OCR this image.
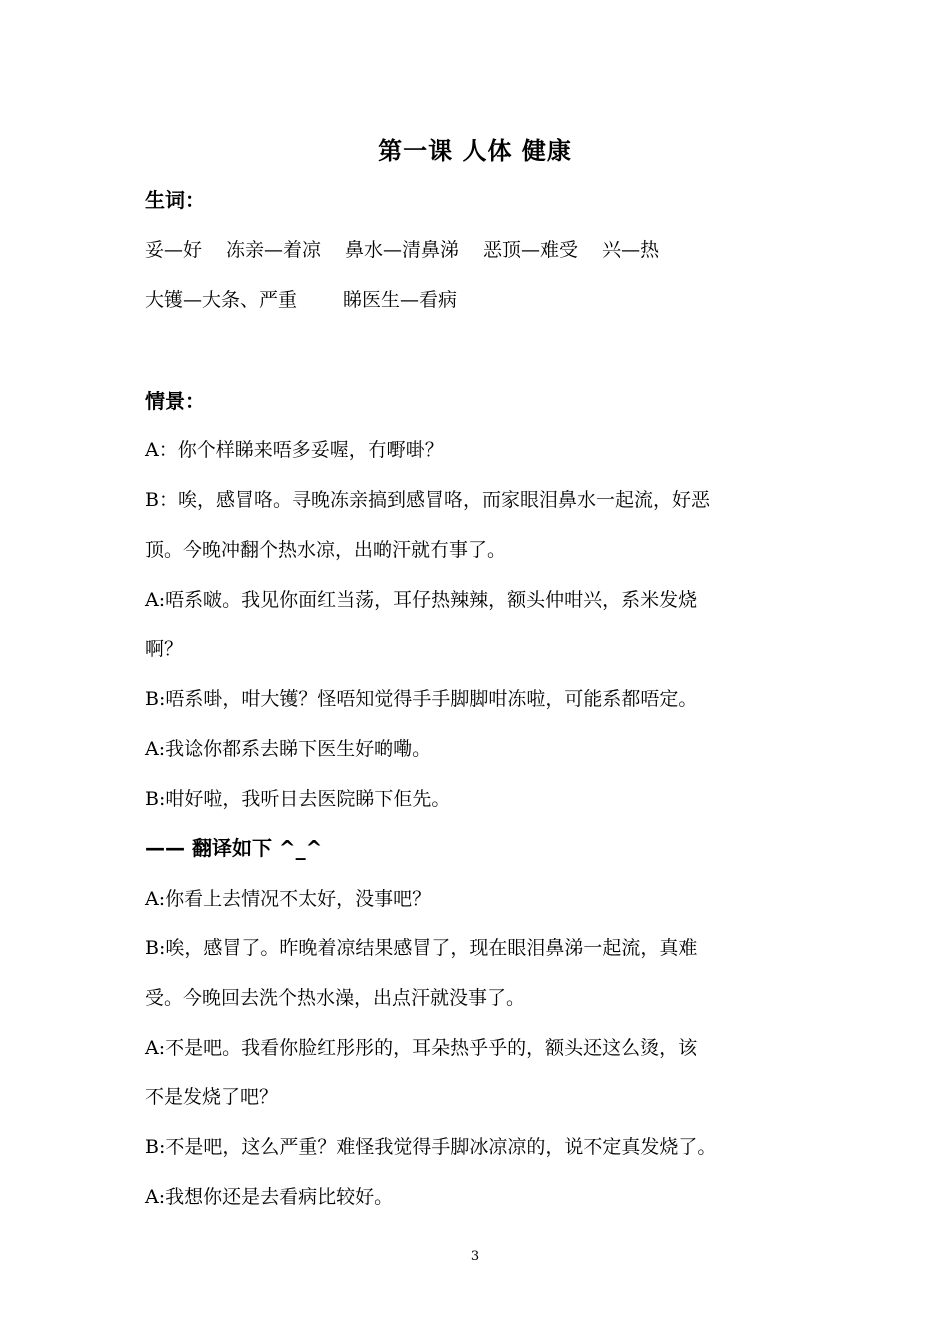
第一课 人体 健康
生词：
妥—好 冻亲—着凉 鼻水—清鼻涕 恶顶—难受 兴—热
大镬—大条、严重 睇医生—看病
情景：
A：你个样睇来唔多妥喔，冇嘢啩？
B：唉，感冒咯。寻晚冻亲搞到感冒咯，而家眼泪鼻水一起流，好恶
顶。今晚冲翻个热水凉，出啲汗就冇事了。
A:唔系啵。我见你面红当荡，耳仔热辣辣，额头仲咁兴，系米发烧
啊？
B:唔系啩，咁大镬？怪唔知觉得手手脚脚咁冻啦，可能系都唔定。
A:我谂你都系去睇下医生好啲嘞。
B:咁好啦，我听日去医院睇下佢先。
—— 翻译如下 ^_^
A:你看上去情况不太好，没事吧？
B:唉，感冒了。昨晚着凉结果感冒了，现在眼泪鼻涕一起流，真难
受。今晚回去洗个热水澡，出点汗就没事了。
A:不是吧。我看你脸红彤彤的，耳朵热乎乎的，额头还这么烫，该
不是发烧了吧？
B:不是吧，这么严重？难怪我觉得手脚冰凉凉的，说不定真发烧了。
A:我想你还是去看病比较好。
3
